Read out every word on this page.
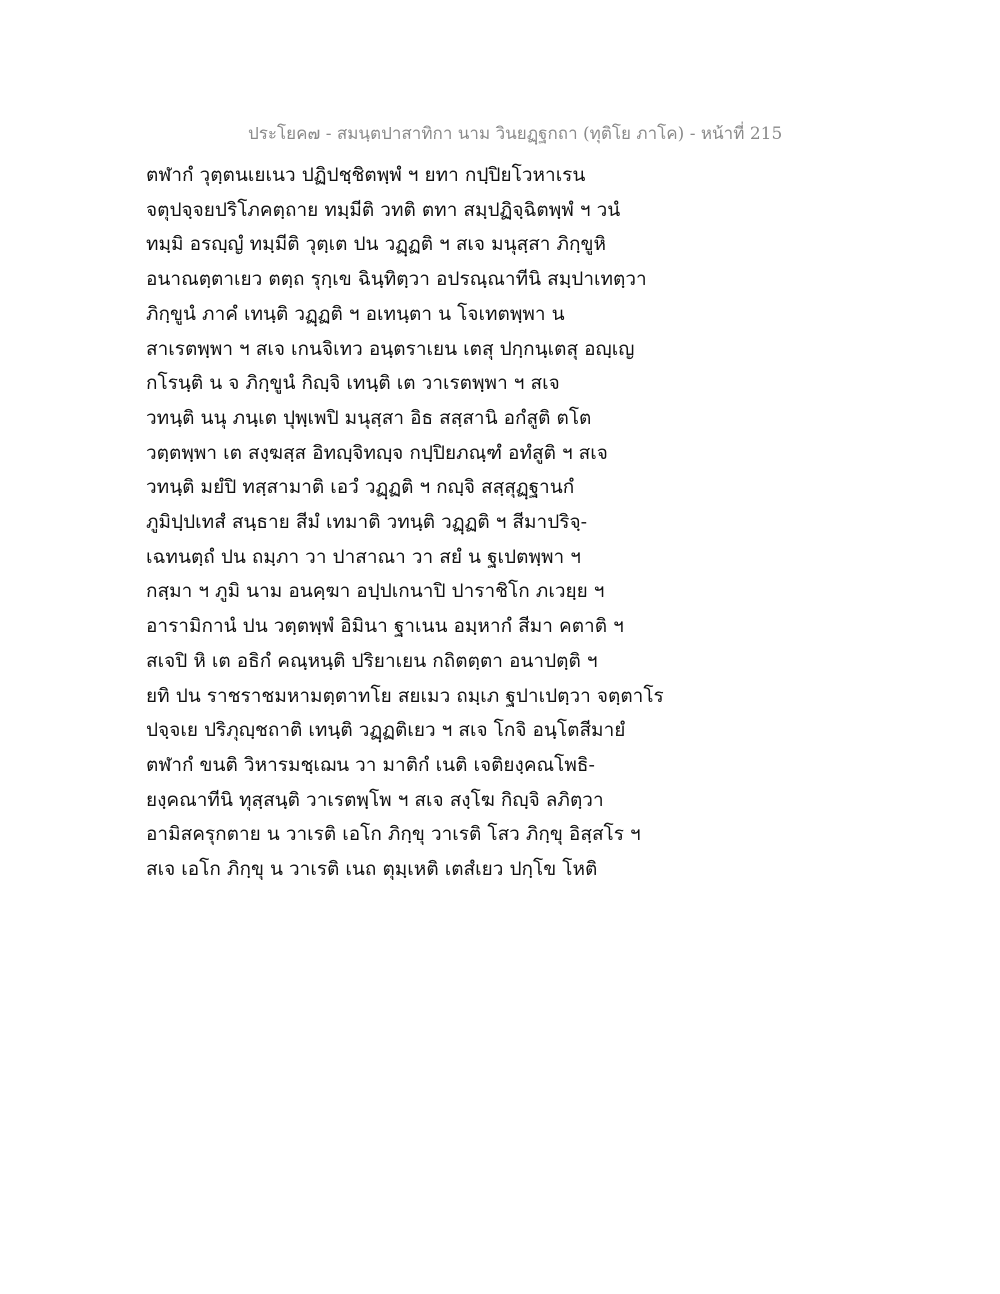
ประโยค๗ - สมนฺตปาสาทิกา นาม วินยฏฺฐกถา (ทุติโย ภาโค) - หน้าที่ 215
ตฬากํ วุตฺตนเยเนว ปฏิปชฺชิตพฺพํ ฯ ยทา กปฺปิยโวหาเรน
จตุปจฺจยปริโภคตฺถาย ทมฺมีติ วทติ ตทา สมฺปฏิจฺฉิตพฺพํ ฯ วนํ
ทมฺมิ อรญฺญํ ทมฺมีติ วุตฺเต ปน วฏฺฏติ ฯ สเจ มนุสฺสา ภิกฺขูหิ
อนาณตฺตาเยว ตตฺถ รุกฺเข ฉินฺทิตฺวา อปรณฺณาทีนิ สมฺปาเทตฺวา
ภิกฺขูนํ ภาคํ เทนฺติ วฏฺฏติ ฯ อเทนฺตา น โจเทตพฺพา น
สาเรตพฺพา ฯ สเจ เกนจิเทว อนฺตราเยน เตสุ ปกฺกนฺเตสุ อญฺเญ
กโรนฺติ น จ ภิกฺขูนํ กิญฺจิ เทนฺติ เต วาเรตพฺพา ฯ สเจ
วทนฺติ นนุ ภนฺเต ปุพฺเพปิ มนุสฺสา อิธ สสฺสานิ อกํสูติ ตโต
วตฺตพฺพา เต สงฺฆสฺส อิทญฺจิทญฺจ กปฺปิยภณฺฑํ อทํสูติ ฯ สเจ
วทนฺติ มยํปิ ทสฺสามาติ เอวํ วฏฺฏติ ฯ กญฺจิ สสฺสุฏฺฐานกํ
ภูมิปฺปเทสํ สนฺธาย สีมํ เทมาติ วทนฺติ วฏฺฏติ ฯ สีมาปริจฺ-
เฉทนตฺถํ ปน ถมฺภา วา ปาสาณา วา สยํ น ฐเปตพฺพา ฯ
กสฺมา ฯ ภูมิ นาม อนคฺฆา อปฺปเกนาปิ ปาราชิโก ภเวยฺย ฯ
อารามิกานํ ปน วตฺตพฺพํ อิมินา ฐาเนน อมฺหากํ สีมา คตาติ ฯ
สเจปิ หิ เต อธิกํ คณฺหนฺติ ปริยาเยน กถิตตฺตา อนาปตฺติ ฯ
ยทิ ปน ราชราชมหามตฺตาทโย สยเมว ถมฺเภ ฐปาเปตฺวา จตฺตาโร
ปจฺจเย ปริภุญฺชถาติ เทนฺติ วฏฺฏติเยว ฯ สเจ โกจิ อนฺโตสีมายํ
ตฬากํ ขนติ วิหารมชฺเฌน วา มาติกํ เนติ เจติยงฺคณโพธิ-
ยงฺคณาทีนิ ทุสฺสนฺติ วาเรตพฺโพ ฯ สเจ สงฺโฆ กิญฺจิ ลภิตฺวา
อามิสครุกตาย น วาเรติ เอโก ภิกฺขุ วาเรติ โสว ภิกฺขุ อิสฺสโร ฯ
สเจ เอโก ภิกฺขุ น วาเรติ เนถ ตุมฺเหติ เตสํเยว ปกฺโข โหติ
